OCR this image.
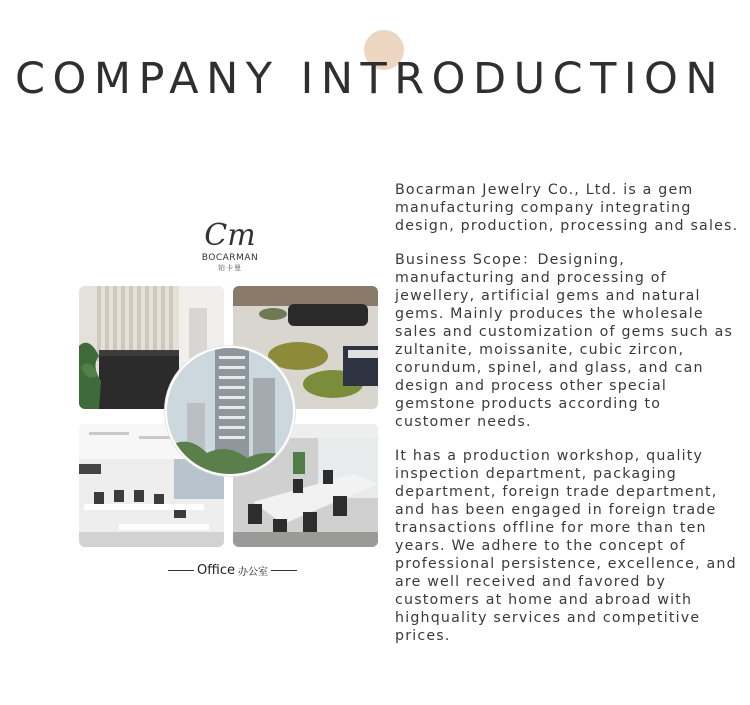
COMPANY INTRODUCTION
Cm
BOCARMAN
铂卡曼
Office 办公室

Bocarman Jewelry Co., Ltd. is a gem manufacturing company integrating design, production, processing and sales.

Business Scope：Designing, manufacturing and processing of jewellery, artificial gems and natural gems. Mainly produces the wholesale sales and customization of gems such as zultanite, moissanite, cubic zircon, corundum, spinel, and glass, and can design and process other special gemstone products according to customer needs.

It has a production workshop, quality inspection department, packaging department, foreign trade department, and has been engaged in foreign trade transactions offline for more than ten years. We adhere to the concept of professional persistence, excellence, and are well received and favored by customers at home and abroad with highquality services and competitive prices.
